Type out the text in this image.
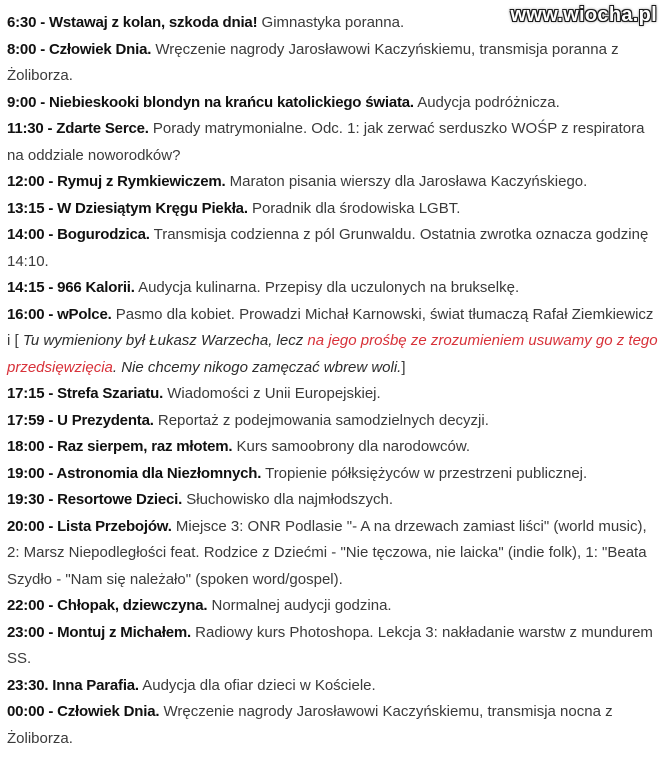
www.wiocha.pl

6:30 - Wstawaj z kolan, szkoda dnia! Gimnastyka poranna.

8:00 - Człowiek Dnia. Wręczenie nagrody Jarosławowi Kaczyńskiemu, transmisja poranna z Żoliborza.

9:00 - Niebieskooki blondyn na krańcu katolickiego świata. Audycja podróżnicza.

11:30 - Zdarte Serce. Porady matrymonialne. Odc. 1: jak zerwać serduszko WOŚP z respiratora na oddziale noworodków?

12:00 - Rymuj z Rymkiewiczem. Maraton pisania wierszy dla Jarosława Kaczyńskiego.

13:15 - W Dziesiątym Kręgu Piekła. Poradnik dla środowiska LGBT.

14:00 - Bogurodzica. Transmisja codzienna z pól Grunwaldu. Ostatnia zwrotka oznacza godzinę 14:10.

14:15 - 966 Kalorii. Audycja kulinarna. Przepisy dla uczulonych na brukselkę.

16:00 - wPolce. Pasmo dla kobiet. Prowadzi Michał Karnowski, świat tłumaczą Rafał Ziemkiewicz i [ Tu wymieniony był Łukasz Warzecha, lecz na jego prośbę ze zrozumieniem usuwamy go z tego przedsięwzięcia. Nie chcemy nikogo zamęczać wbrew woli.]

17:15 - Strefa Szariatu. Wiadomości z Unii Europejskiej.

17:59 - U Prezydenta. Reportaż z podejmowania samodzielnych decyzji.

18:00 - Raz sierpem, raz młotem. Kurs samoobrony dla narodowców.

19:00 - Astronomia dla Niezłomnych. Tropienie półksiężyców w przestrzeni publicznej.

19:30 - Resortowe Dzieci. Słuchowisko dla najmłodszych.

20:00 - Lista Przebojów. Miejsce 3: ONR Podlasie "- A na drzewach zamiast liści" (world music), 2: Marsz Niepodległości feat. Rodzice z Dziećmi - "Nie tęczowa, nie laicka" (indie folk), 1: "Beata Szydło - "Nam się należało" (spoken word/gospel).

22:00 - Chłopak, dziewczyna. Normalnej audycji godzina.

23:00 - Montuj z Michałem. Radiowy kurs Photoshopa. Lekcja 3: nakładanie warstw z mundurem SS.

23:30. Inna Parafia. Audycja dla ofiar dzieci w Kościele.

00:00 - Człowiek Dnia. Wręczenie nagrody Jarosławowi Kaczyńskiemu, transmisja nocna z Żoliborza.
